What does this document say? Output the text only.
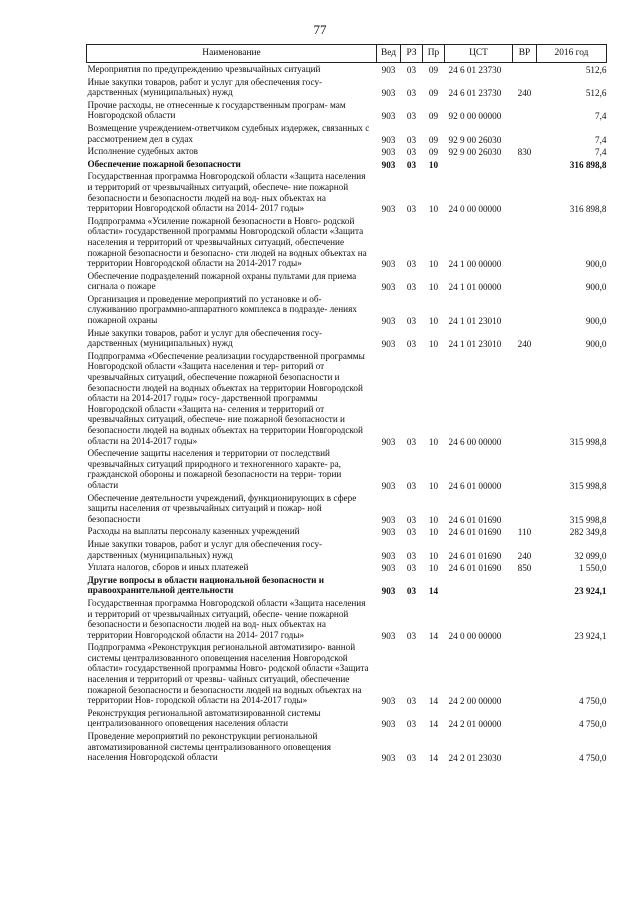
77
Наименование	Вед	РЗ	Пр	ЦСТ	ВР	2016 год
Мероприятия по предупреждению чрезвычайных ситуаций	903	03	09	24 6 01 23730		512,6
Иные закупки товаров, работ и услуг для обеспечения госу- дарственных (муниципальных) нужд	903	03	09	24 6 01 23730	240	512,6
Прочие расходы, не отнесенные к государственным програм- мам Новгородской области	903	03	09	92 0 00 00000		7,4
Возмещение учреждением-ответчиком судебных издержек, связанных с рассмотрением дел в судах	903	03	09	92 9 00 26030		7,4
Исполнение судебных актов	903	03	09	92 9 00 26030	830	7,4
Обеспечение пожарной безопасности	903	03	10			316 898,8
Государственная программа Новгородской области «Защита населения и территорий от чрезвычайных ситуаций, обеспече- ние пожарной безопасности и безопасности людей на вод- ных объектах на территории Новгородской области на 2014- 2017 годы»	903	03	10	24 0 00 00000		316 898,8
Подпрограмма «Усиление пожарной безопасности в Новго- родской области» государственной программы Новгородской области «Защита населения и территорий от чрезвычайных ситуаций, обеспечение пожарной безопасности и безопасно- сти людей на водных объектах на территории Новгородской области на 2014-2017 годы»	903	03	10	24 1 00 00000		900,0
Обеспечение подразделений пожарной охраны пультами для приема сигнала о пожаре	903	03	10	24 1 01 00000		900,0
Организация и проведение мероприятий по установке и об- служиванию программно-аппаратного комплекса в подразде- лениях пожарной охраны	903	03	10	24 1 01 23010		900,0
Иные закупки товаров, работ и услуг для обеспечения госу- дарственных (муниципальных) нужд	903	03	10	24 1 01 23010	240	900,0
Подпрограмма «Обеспечение реализации государственной программы Новгородской области «Защита населения и тер- риторий от чрезвычайных ситуаций, обеспечение пожарной безопасности и безопасности людей на водных объектах на территории Новгородской области на 2014-2017 годы» госу- дарственной программы Новгородской области «Защита на- селения и территорий от чрезвычайных ситуаций, обеспече- ние пожарной безопасности и безопасности людей на водных объектах на территории Новгородской области на 2014-2017 годы»	903	03	10	24 6 00 00000		315 998,8
Обеспечение защиты населения и территории от последствий чрезвычайных ситуаций природного и техногенного характе- ра, гражданской обороны и пожарной безопасности на терри- тории области	903	03	10	24 6 01 00000		315 998,8
Обеспечение деятельности учреждений, функционирующих в сфере защиты населения от чрезвычайных ситуаций и пожар- ной безопасности	903	03	10	24 6 01 01690		315 998,8
Расходы на выплаты персоналу казенных учреждений	903	03	10	24 6 01 01690	110	282 349,8
Иные закупки товаров, работ и услуг для обеспечения госу- дарственных (муниципальных) нужд	903	03	10	24 6 01 01690	240	32 099,0
Уплата налогов, сборов и иных платежей	903	03	10	24 6 01 01690	850	1 550,0
Другие вопросы в области национальной безопасности и правоохранительной деятельности	903	03	14			23 924,1
Государственная программа Новгородской области «Защита населения и территорий от чрезвычайных ситуаций, обеспе- чение пожарной безопасности и безопасности людей на вод- ных объектах на территории Новгородской области на 2014- 2017 годы»	903	03	14	24 0 00 00000		23 924,1
Подпрограмма «Реконструкция региональной автоматизиро- ванной системы централизованного оповещения населения Новгородской области» государственной программы Новго- родской области «Защита населения и территорий от чрезвы- чайных ситуаций, обеспечение пожарной безопасности и безопасности людей на водных объектах на территории Нов- городской области на 2014-2017 годы»	903	03	14	24 2 00 00000		4 750,0
Реконструкция региональной автоматизированной системы централизованного оповещения населения области	903	03	14	24 2 01 00000		4 750,0
Проведение мероприятий по реконструкции региональной автоматизированной системы централизованного оповещения населения Новгородской области	903	03	14	24 2 01 23030		4 750,0
